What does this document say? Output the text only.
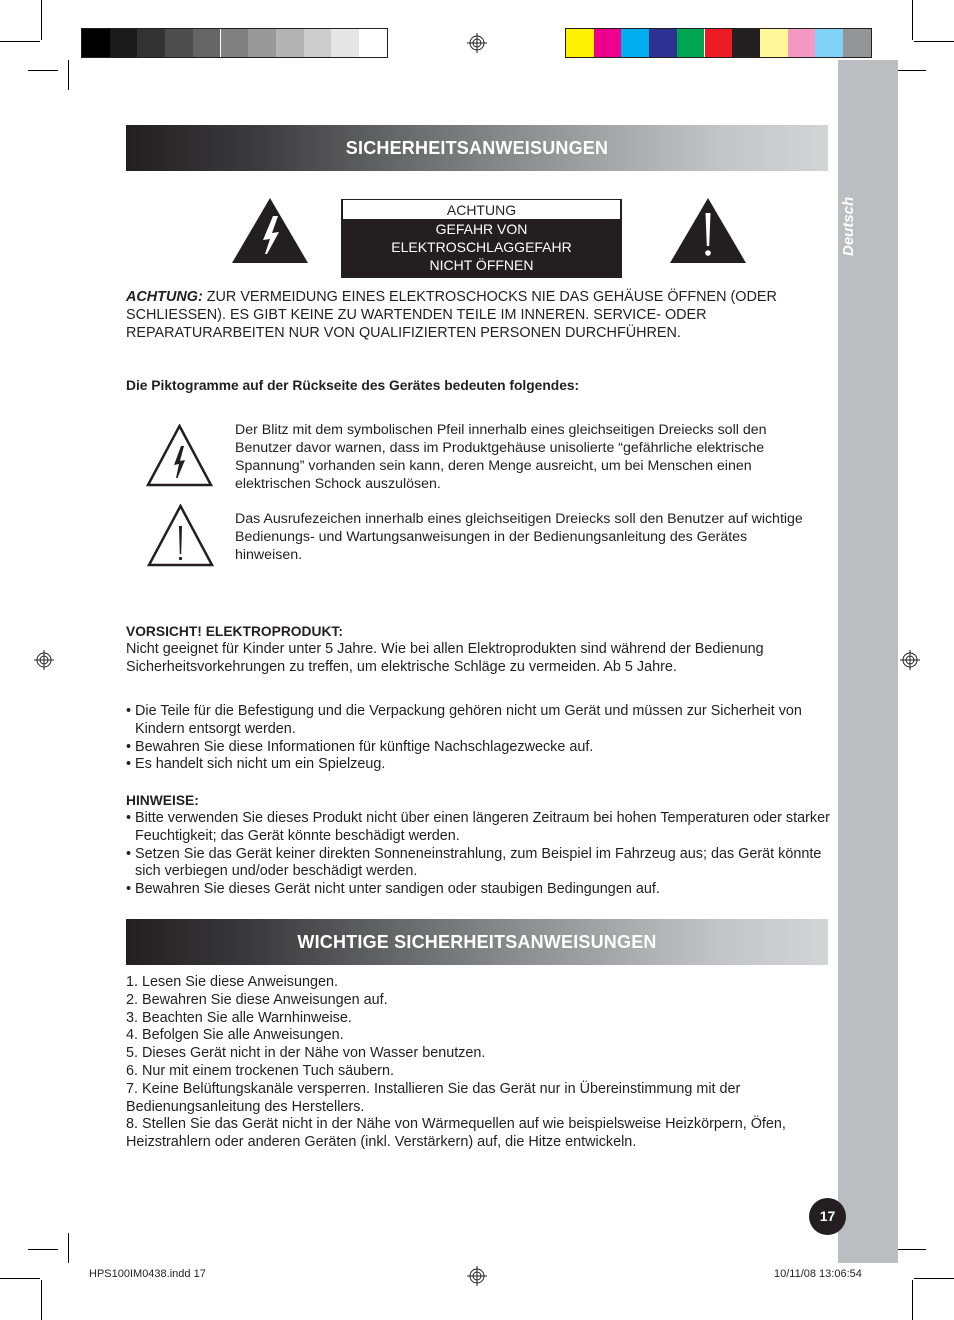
Deutsch
SICHERHEITSANWEISUNGEN
ACHTUNG
GEFAHR VON
ELEKTROSCHLAGGEFAHR
NICHT ÖFFNEN
ACHTUNG: ZUR VERMEIDUNG EINES ELEKTROSCHOCKS NIE DAS GEHÄUSE ÖFFNEN (ODER SCHLIESSEN). ES GIBT KEINE ZU WARTENDEN TEILE IM INNEREN. SERVICE- ODER REPARATURARBEITEN NUR VON QUALIFIZIERTEN PERSONEN DURCHFÜHREN.
Die Piktogramme auf der Rückseite des Gerätes bedeuten folgendes:
Der Blitz mit dem symbolischen Pfeil innerhalb eines gleichseitigen Dreiecks soll den Benutzer davor warnen, dass im Produktgehäuse unisolierte “gefährliche elektrische Spannung” vorhanden sein kann, deren Menge ausreicht, um bei Menschen einen elektrischen Schock auszulösen.
Das Ausrufezeichen innerhalb eines gleichseitigen Dreiecks soll den Benutzer auf wichtige Bedienungs- und Wartungsanweisungen in der Bedienungsanleitung des Gerätes hinweisen.
VORSICHT! ELEKTROPRODUKT:
Nicht geeignet für Kinder unter 5 Jahre. Wie bei allen Elektroprodukten sind während der Bedienung Sicherheitsvorkehrungen zu treffen, um elektrische Schläge zu vermeiden. Ab 5 Jahre.
• Die Teile für die Befestigung und die Verpackung gehören nicht um Gerät und müssen zur Sicherheit von Kindern entsorgt werden.
• Bewahren Sie diese Informationen für künftige Nachschlagezwecke auf.
• Es handelt sich nicht um ein Spielzeug.
HINWEISE:
• Bitte verwenden Sie dieses Produkt nicht über einen längeren Zeitraum bei hohen Temperaturen oder starker Feuchtigkeit; das Gerät könnte beschädigt werden.
• Setzen Sie das Gerät keiner direkten Sonneneinstrahlung, zum Beispiel im Fahrzeug aus; das Gerät könnte sich verbiegen und/oder beschädigt werden.
• Bewahren Sie dieses Gerät nicht unter sandigen oder staubigen Bedingungen auf.
WICHTIGE SICHERHEITSANWEISUNGEN
1. Lesen Sie diese Anweisungen.
2. Bewahren Sie diese Anweisungen auf.
3. Beachten Sie alle Warnhinweise.
4. Befolgen Sie alle Anweisungen.
5. Dieses Gerät nicht in der Nähe von Wasser benutzen.
6. Nur mit einem trockenen Tuch säubern.
7. Keine Belüftungskanäle versperren. Installieren Sie das Gerät nur in Übereinstimmung mit der Bedienungsanleitung des Herstellers.
8. Stellen Sie das Gerät nicht in der Nähe von Wärmequellen auf wie beispielsweise Heizkörpern, Öfen, Heizstrahlern oder anderen Geräten (inkl. Verstärkern) auf, die Hitze entwickeln.
17
HPS100IM0438.indd 17	10/11/08 13:06:54
